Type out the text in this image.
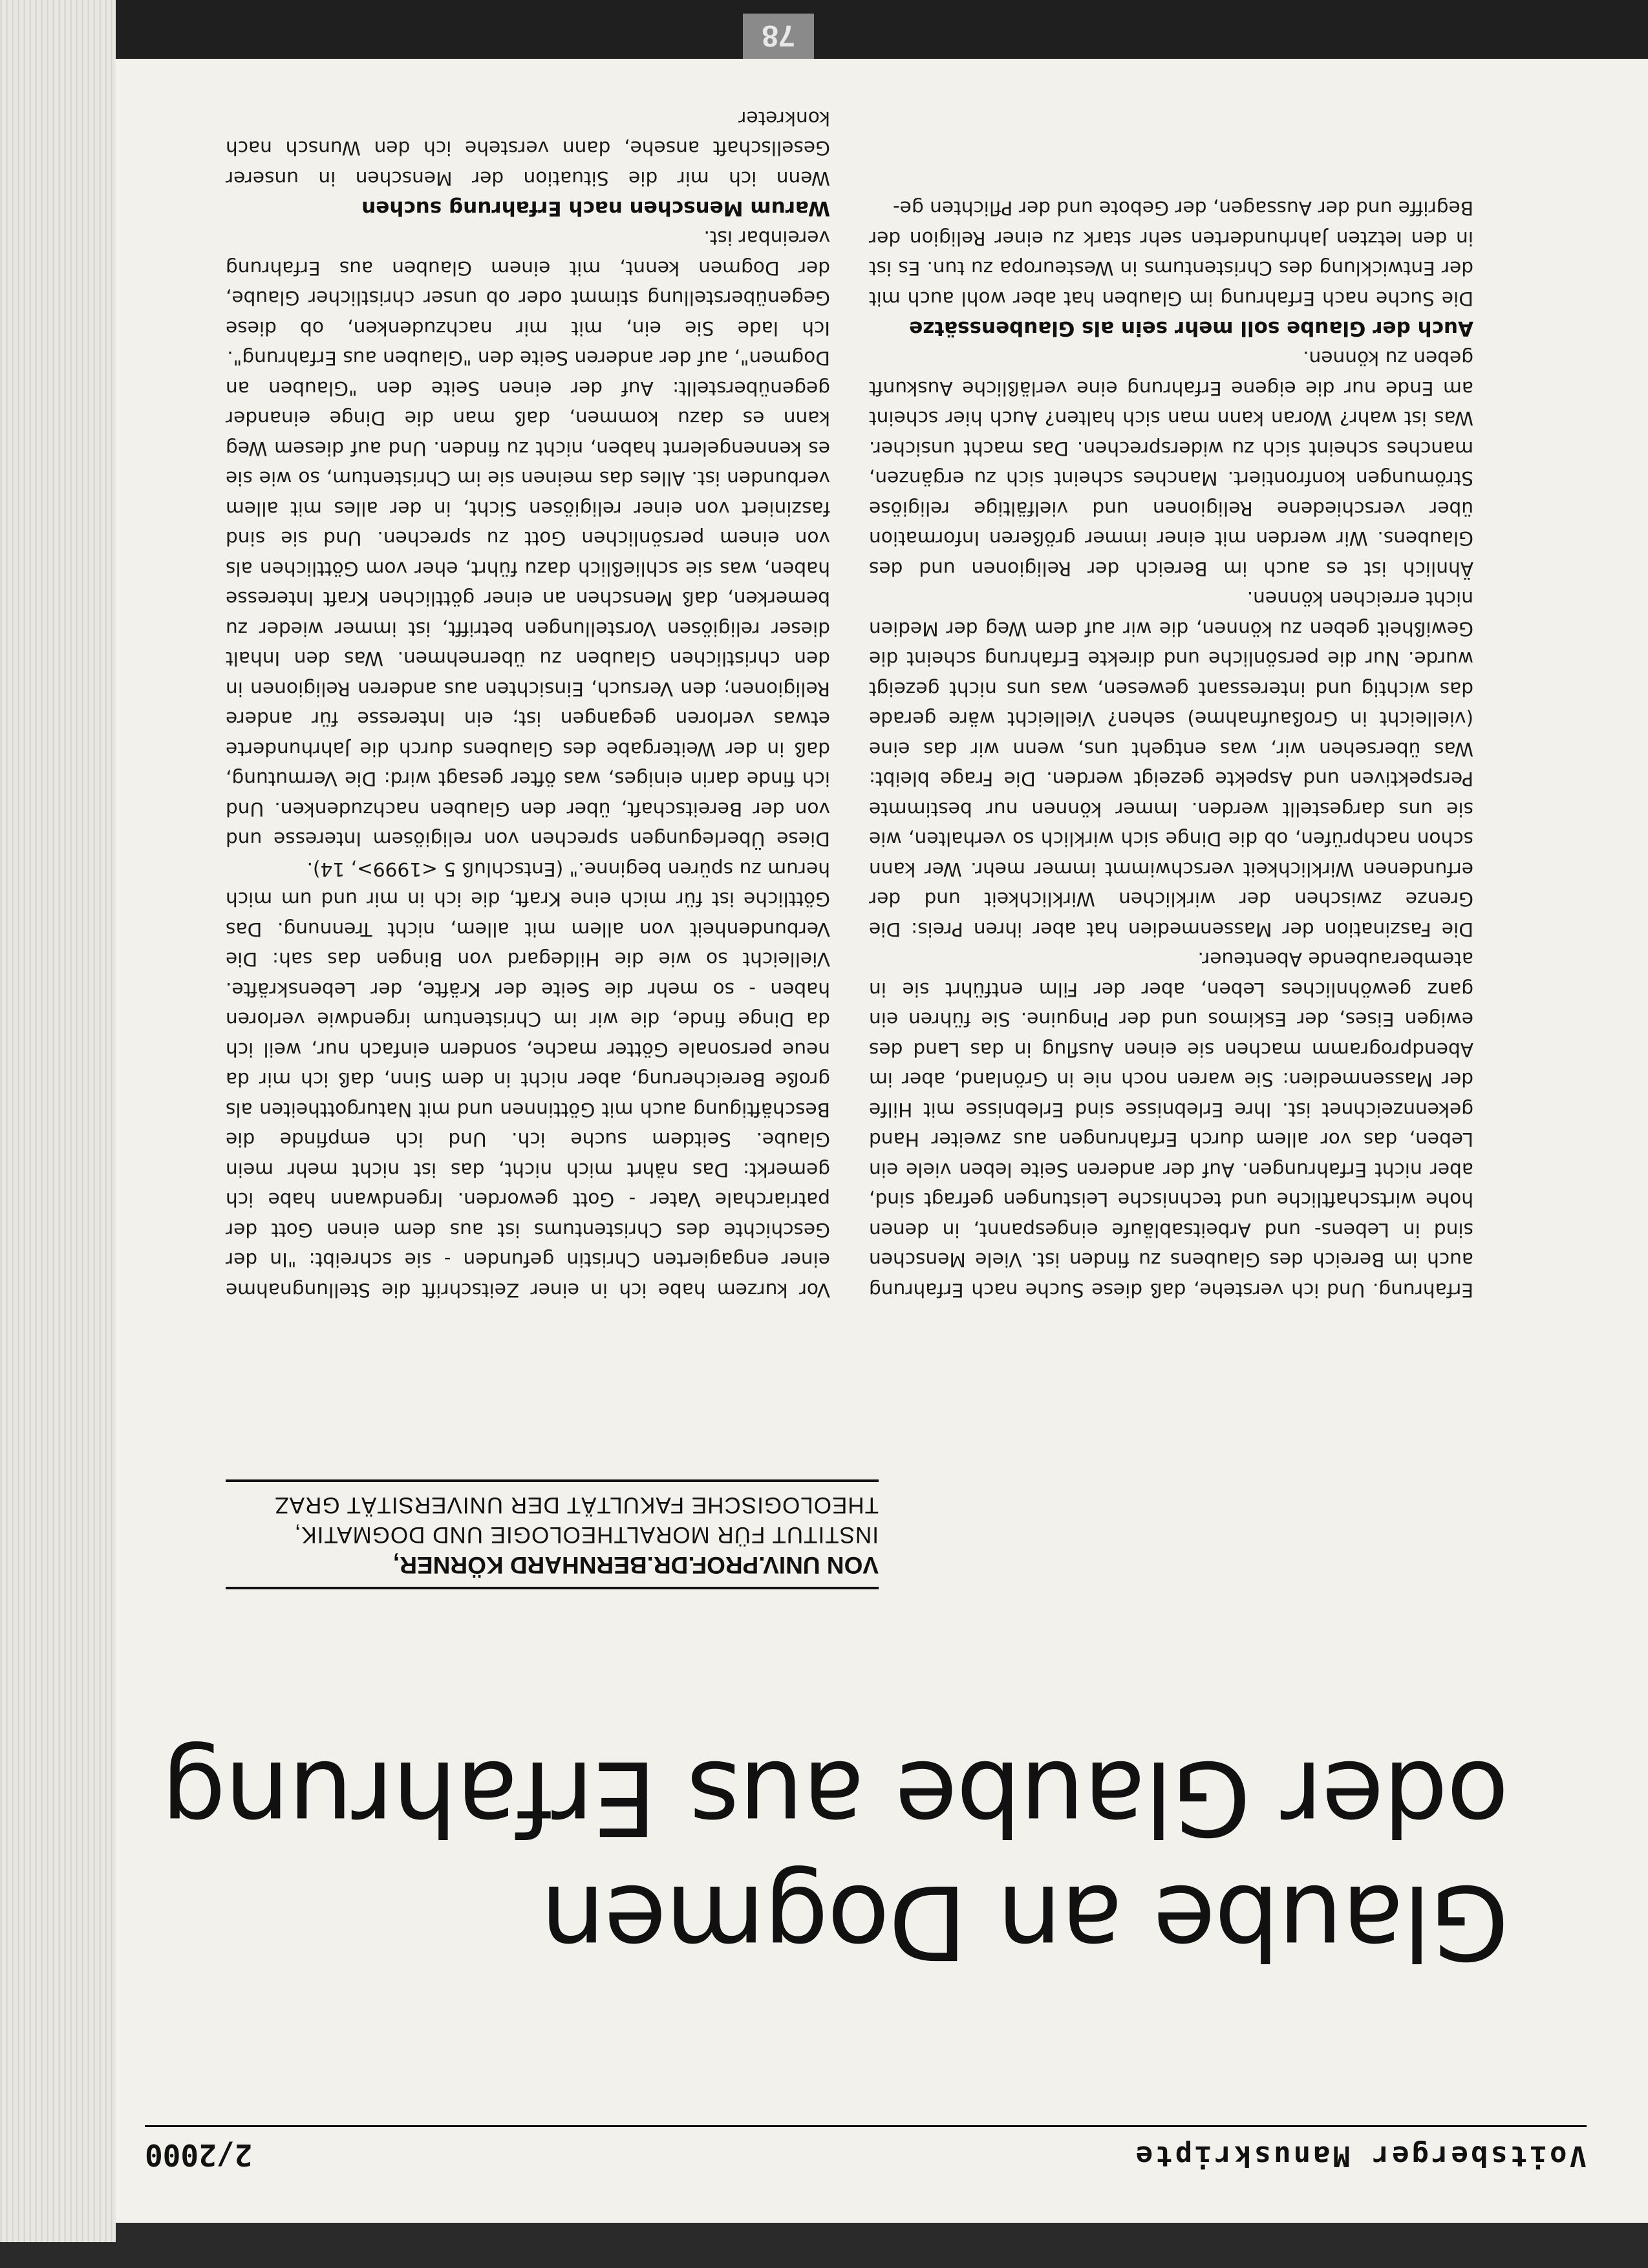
Voitsberger Manuskripte
2/2000
Glaube an Dogmen
oder Glaube aus Erfahrung
VON UNIV.PROF.DR.BERNHARD KÖRNER,
INSTITUT FÜR MORALTHEOLOGIE UND DOGMATIK,
THEOLOGISCHE FAKULTÄT DER UNIVERSITÄT GRAZ

Vor kurzem habe ich in einer Zeitschrift die Stellungnahme einer engagierten Christin gefunden - sie schreibt: "In der Geschichte des Christentums ist aus dem einen Gott der patriarchale Vater - Gott geworden. Irgendwann habe ich gemerkt: Das nährt mich nicht, das ist nicht mehr mein Glaube. Seitdem suche ich. Und ich empfinde die Beschäftigung auch mit Göttinnen und mit Naturgottheiten als große Bereicherung, aber nicht in dem Sinn, daß ich mir da neue personale Götter mache, sondern einfach nur, weil ich da Dinge finde, die wir im Christentum irgendwie verloren haben - so mehr die Seite der Kräfte, der Lebenskräfte. Vielleicht so wie die Hildegard von Bingen das sah: Die Verbundenheit von allem mit allem, nicht Trennung. Das Göttliche ist für mich eine Kraft, die ich in mir und um mich herum zu spüren beginne." (Entschluß 5 <1999>, 14).

Diese Überlegungen sprechen von religiösem Interesse und von der Bereitschaft, über den Glauben nachzudenken. Und ich finde darin einiges, was öfter gesagt wird: Die Vermutung, daß in der Weitergabe des Glaubens durch die Jahrhunderte etwas verloren gegangen ist; ein Interesse für andere Religionen; den Versuch, Einsichten aus anderen Religionen in den christlichen Glauben zu übernehmen. Was den Inhalt dieser religiösen Vorstellungen betrifft, ist immer wieder zu bemerken, daß Menschen an einer göttlichen Kraft Interesse haben, was sie schließlich dazu führt, eher vom Göttlichen als von einem persönlichen Gott zu sprechen. Und sie sind fasziniert von einer religiösen Sicht, in der alles mit allem verbunden ist. Alles das meinen sie im Christentum, so wie sie es kennengelernt haben, nicht zu finden. Und auf diesem Weg kann es dazu kommen, daß man die Dinge einander gegenüberstellt: Auf der einen Seite den "Glauben an Dogmen", auf der anderen Seite den "Glauben aus Erfahrung".

Ich lade Sie ein, mit mir nachzudenken, ob diese Gegenüberstellung stimmt oder ob unser christlicher Glaube, der Dogmen kennt, mit einem Glauben aus Erfahrung vereinbar ist.

Warum Menschen nach Erfahrung suchen

Wenn ich mir die Situation der Menschen in unserer Gesellschaft ansehe, dann verstehe ich den Wunsch nach konkreter

Erfahrung. Und ich verstehe, daß diese Suche nach Erfahrung auch im Bereich des Glaubens zu finden ist. Viele Menschen sind in Lebens- und Arbeitsabläufe eingespannt, in denen hohe wirtschaftliche und technische Leistungen gefragt sind, aber nicht Erfahrungen. Auf der anderen Seite leben viele ein Leben, das vor allem durch Erfahrungen aus zweiter Hand gekennzeichnet ist. Ihre Erlebnisse sind Erlebnisse mit Hilfe der Massenmedien: Sie waren noch nie in Grönland, aber im Abendprogramm machen sie einen Ausflug in das Land des ewigen Eises, der Eskimos und der Pinguine. Sie führen ein ganz gewöhnliches Leben, aber der Film entführt sie in atemberaubende Abenteuer.

Die Faszination der Massenmedien hat aber ihren Preis: Die Grenze zwischen der wirklichen Wirklichkeit und der erfundenen Wirklichkeit verschwimmt immer mehr. Wer kann schon nachprüfen, ob die Dinge sich wirklich so verhalten, wie sie uns dargestellt werden. Immer können nur bestimmte Perspektiven und Aspekte gezeigt werden. Die Frage bleibt: Was übersehen wir, was entgeht uns, wenn wir das eine (vielleicht in Großaufnahme) sehen? Vielleicht wäre gerade das wichtig und interessant gewesen, was uns nicht gezeigt wurde. Nur die persönliche und direkte Erfahrung scheint die Gewißheit geben zu können, die wir auf dem Weg der Medien nicht erreichen können.

Ähnlich ist es auch im Bereich der Religionen und des Glaubens. Wir werden mit einer immer größeren Information über verschiedene Religionen und vielfältige religiöse Strömungen konfrontiert. Manches scheint sich zu ergänzen, manches scheint sich zu widersprechen. Das macht unsicher. Was ist wahr? Woran kann man sich halten? Auch hier scheint am Ende nur die eigene Erfahrung eine verläßliche Auskunft geben zu können.

Auch der Glaube soll mehr sein als Glaubenssätze

Die Suche nach Erfahrung im Glauben hat aber wohl auch mit der Entwicklung des Christentums in Westeuropa zu tun. Es ist in den letzten Jahrhunderten sehr stark zu einer Religion der Begriffe und der Aussagen, der Gebote und der Pflichten ge-

78
